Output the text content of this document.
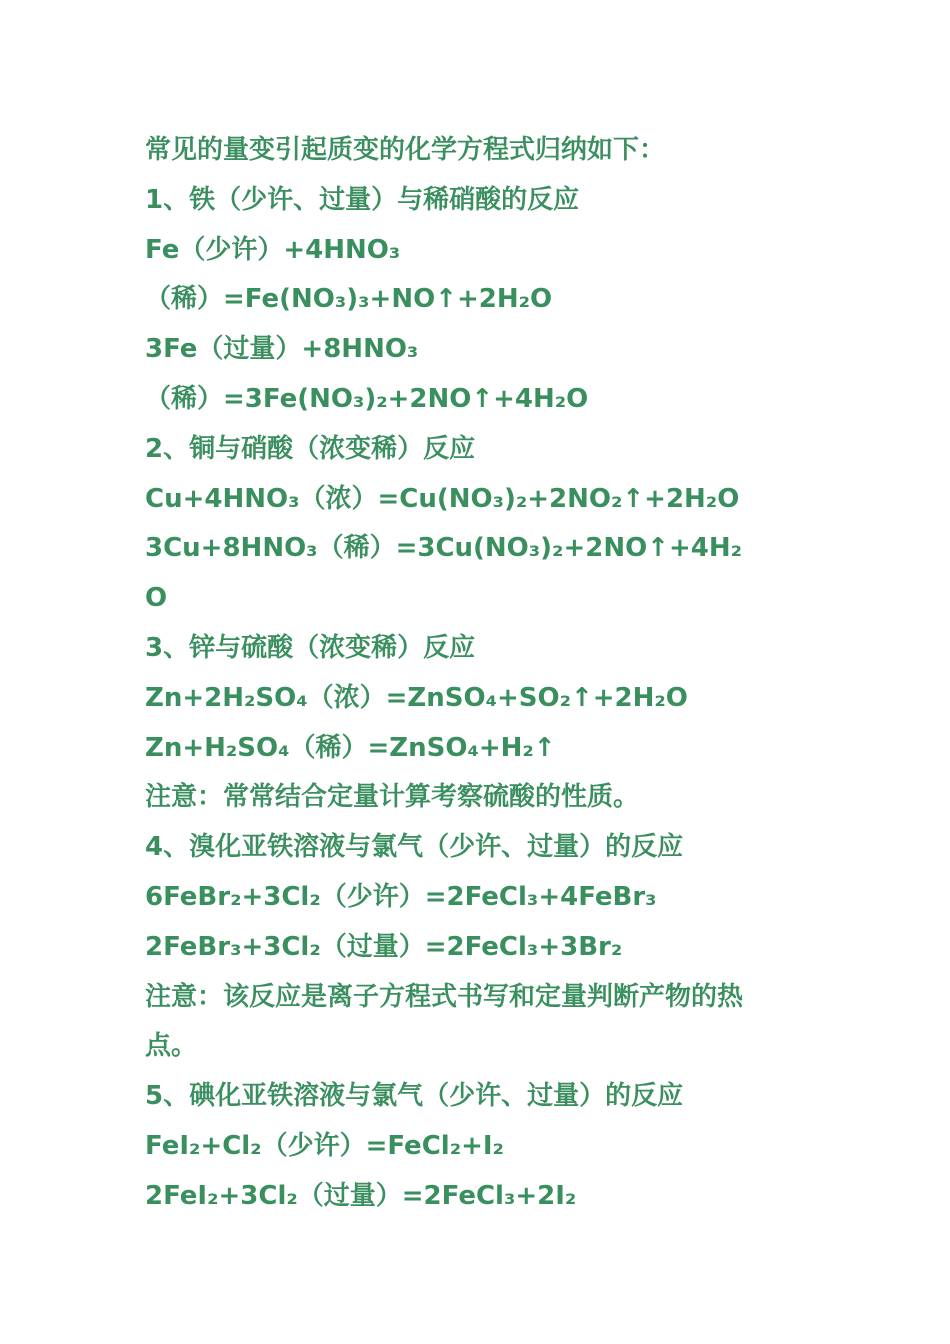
常见的量变引起质变的化学方程式归纳如下：
1、铁（少许、过量）与稀硝酸的反应
Fe（少许）+4HNO₃
（稀）=Fe(NO₃)₃+NO↑+2H₂O
3Fe（过量）+8HNO₃
（稀）=3Fe(NO₃)₂+2NO↑+4H₂O
2、铜与硝酸（浓变稀）反应
Cu+4HNO₃（浓）=Cu(NO₃)₂+2NO₂↑+2H₂O
3Cu+8HNO₃（稀）=3Cu(NO₃)₂+2NO↑+4H₂
O
3、锌与硫酸（浓变稀）反应
Zn+2H₂SO₄（浓）=ZnSO₄+SO₂↑+2H₂O
Zn+H₂SO₄（稀）=ZnSO₄+H₂↑
注意：常常结合定量计算考察硫酸的性质。
4、溴化亚铁溶液与氯气（少许、过量）的反应
6FeBr₂+3Cl₂（少许）=2FeCl₃+4FeBr₃
2FeBr₃+3Cl₂（过量）=2FeCl₃+3Br₂
注意：该反应是离子方程式书写和定量判断产物的热
点。
5、碘化亚铁溶液与氯气（少许、过量）的反应
FeI₂+Cl₂（少许）=FeCl₂+I₂
2FeI₂+3Cl₂（过量）=2FeCl₃+2I₂
